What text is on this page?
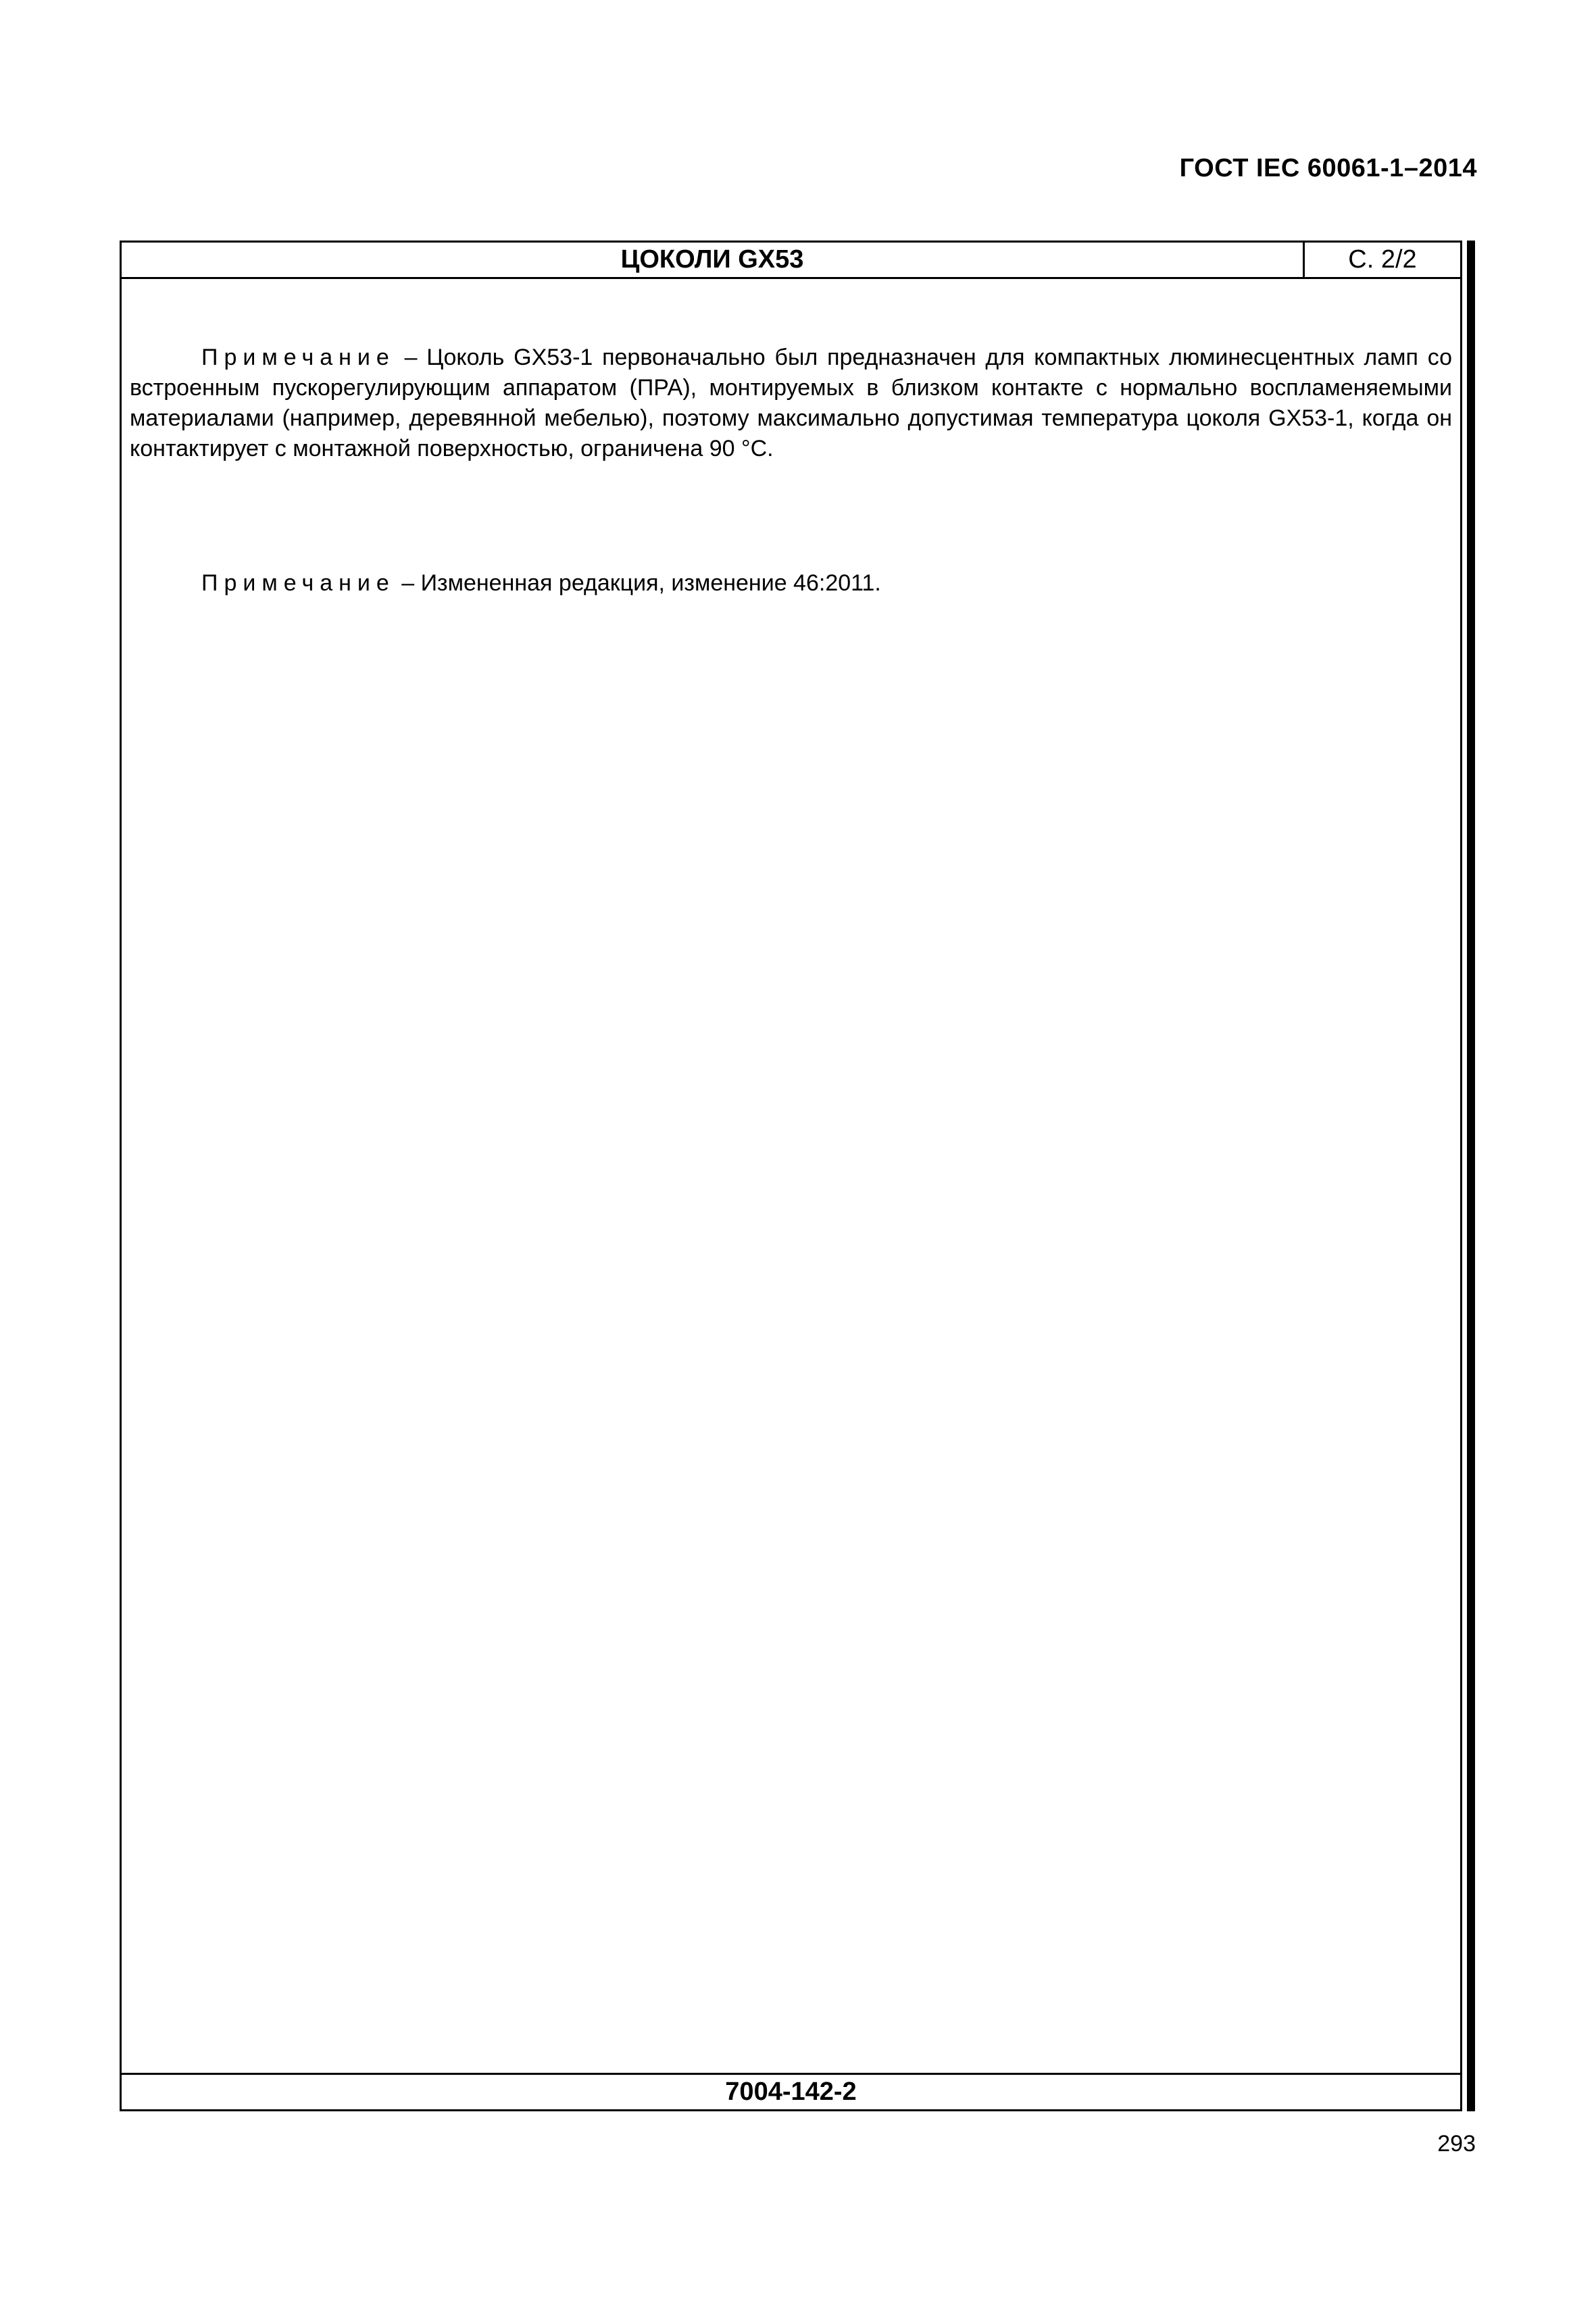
ГОСТ IEC 60061-1–2014
ЦОКОЛИ GX53	С. 2/2
Примечание – Цоколь GX53-1 первоначально был предназначен для компактных люминесцентных ламп со встроенным пускорегулирующим аппаратом (ПРА), монтируемых в близком контакте с нормально воспламеняемыми материалами (например, деревянной мебелью), поэтому максимально допустимая температура цоколя GX53-1, когда он контактирует с монтажной поверхностью, ограничена 90 °С.
Примечание – Измененная редакция, изменение 46:2011.
7004-142-2
293
